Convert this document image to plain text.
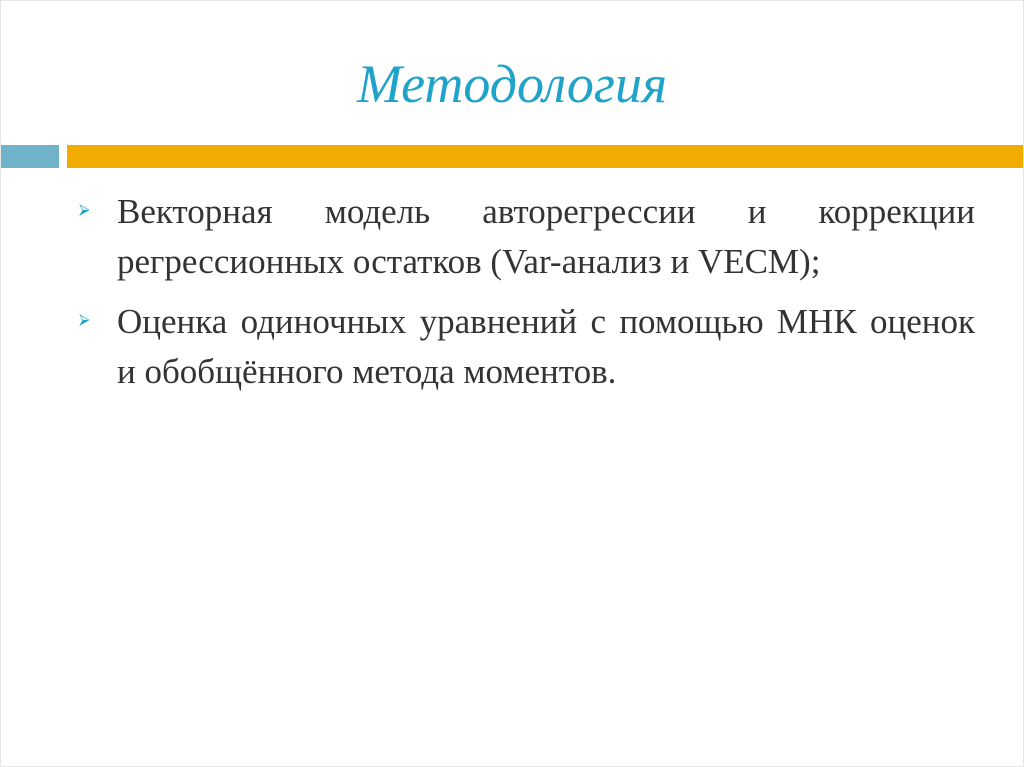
Методология
⮚ Векторная модель авторегрессии и коррекции регрессионных остатков (Var-анализ и VECM);
⮚ Оценка одиночных уравнений с помощью МНК оценок и обобщённого метода моментов.
